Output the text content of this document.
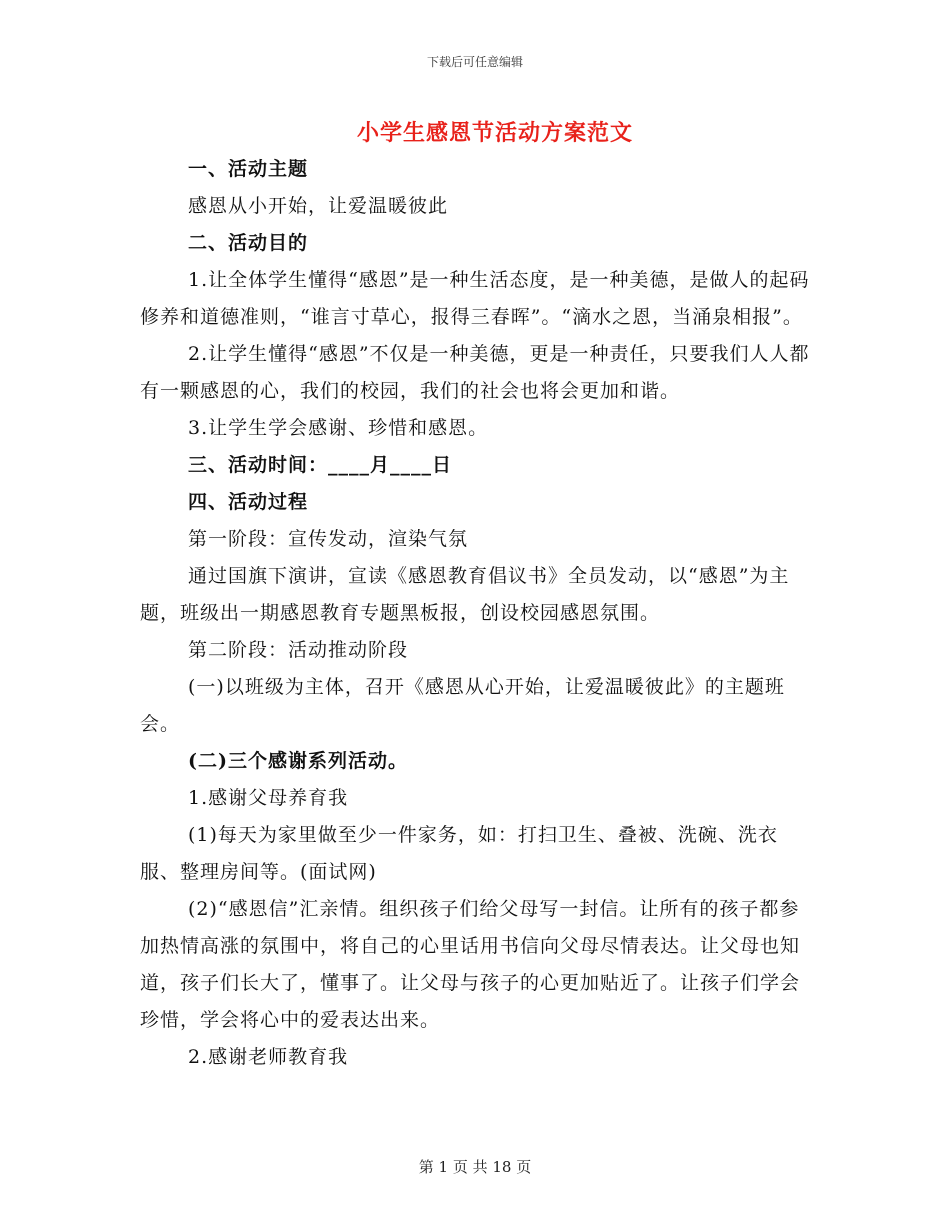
下载后可任意编辑
小学生感恩节活动方案范文

一、活动主题

感恩从小开始，让爱温暖彼此

二、活动目的

1.让全体学生懂得“感恩”是一种生活态度，是一种美德，是做人的起码修养和道德准则，“谁言寸草心，报得三春晖”。“滴水之恩，当涌泉相报”。

2.让学生懂得“感恩”不仅是一种美德，更是一种责任，只要我们人人都有一颗感恩的心，我们的校园，我们的社会也将会更加和谐。

3.让学生学会感谢、珍惜和感恩。

三、活动时间：____月____日

四、活动过程

第一阶段：宣传发动，渲染气氛

通过国旗下演讲，宣读《感恩教育倡议书》全员发动，以“感恩”为主题，班级出一期感恩教育专题黑板报，创设校园感恩氛围。

第二阶段：活动推动阶段

(一)以班级为主体，召开《感恩从心开始，让爱温暖彼此》的主题班会。

(二)三个感谢系列活动。

1.感谢父母养育我

(1)每天为家里做至少一件家务，如：打扫卫生、叠被、洗碗、洗衣服、整理房间等。(面试网)

(2)“感恩信”汇亲情。组织孩子们给父母写一封信。让所有的孩子都参加热情高涨的氛围中，将自己的心里话用书信向父母尽情表达。让父母也知道，孩子们长大了，懂事了。让父母与孩子的心更加贴近了。让孩子们学会珍惜，学会将心中的爱表达出来。

2.感谢老师教育我

第 1 页 共 18 页
